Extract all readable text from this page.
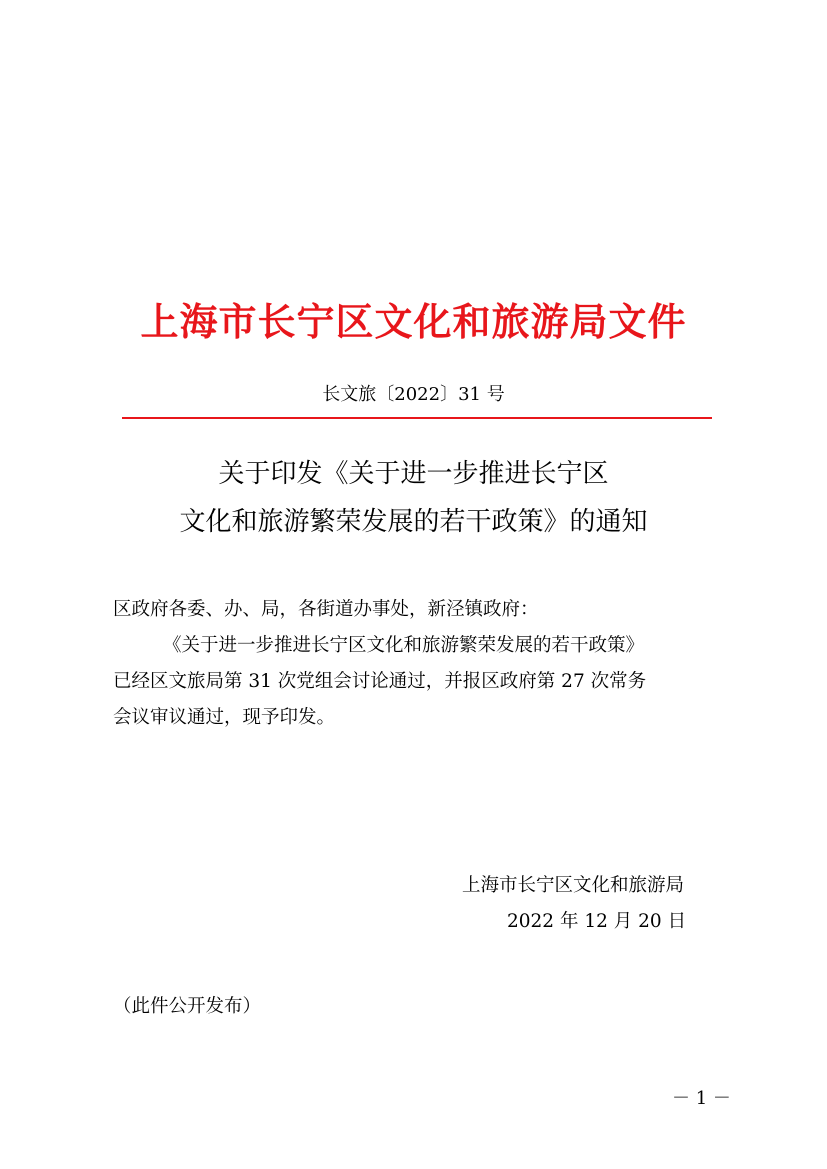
上海市长宁区文化和旅游局文件
长文旅〔2022〕31 号
关于印发《关于进一步推进长宁区
文化和旅游繁荣发展的若干政策》的通知
区政府各委、办、局，各街道办事处，新泾镇政府：
《关于进一步推进长宁区文化和旅游繁荣发展的若干政策》
已经区文旅局第 31 次党组会讨论通过，并报区政府第 27 次常务
会议审议通过，现予印发。
上海市长宁区文化和旅游局
2022 年 12 月 20 日
（此件公开发布）
－ 1 －
